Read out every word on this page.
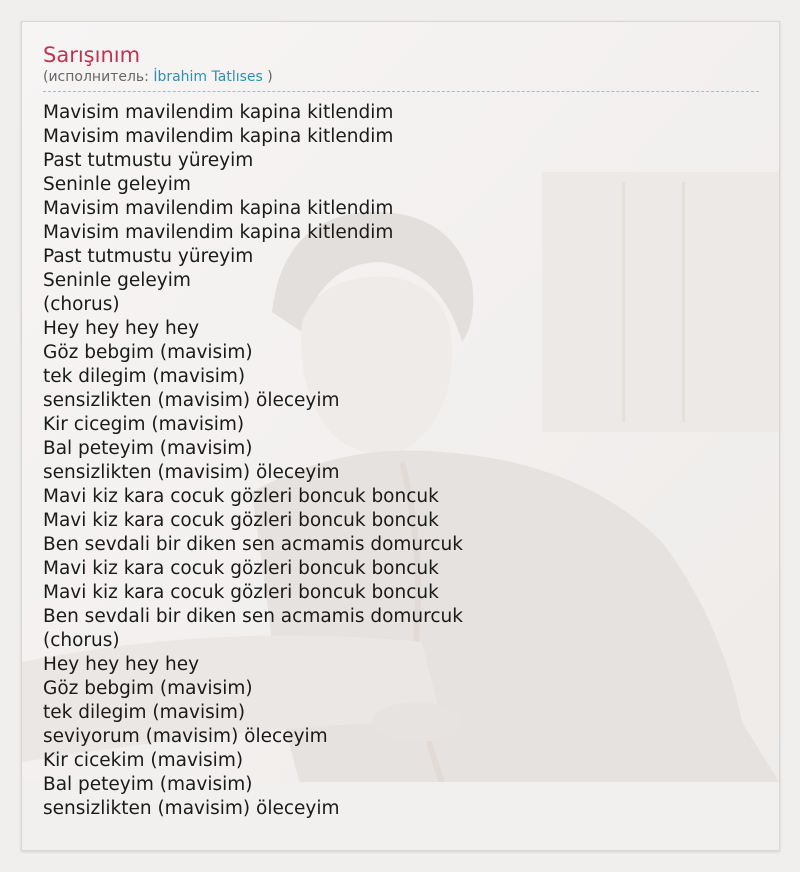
Sarışınım
(исполнитель: İbrahim Tatlıses )
Mavisim mavilendim kapina kitlendim
Mavisim mavilendim kapina kitlendim
Past tutmustu yüreyim
Seninle geleyim
Mavisim mavilendim kapina kitlendim
Mavisim mavilendim kapina kitlendim
Past tutmustu yüreyim
Seninle geleyim
(chorus)
Hey hey hey hey
Göz bebgim (mavisim)
tek dilegim (mavisim)
sensizlikten (mavisim) öleceyim
Kir cicegim (mavisim)
Bal peteyim (mavisim)
sensizlikten (mavisim) öleceyim
Mavi kiz kara cocuk gözleri boncuk boncuk
Mavi kiz kara cocuk gözleri boncuk boncuk
Ben sevdali bir diken sen acmamis domurcuk
Mavi kiz kara cocuk gözleri boncuk boncuk
Mavi kiz kara cocuk gözleri boncuk boncuk
Ben sevdali bir diken sen acmamis domurcuk
(chorus)
Hey hey hey hey
Göz bebgim (mavisim)
tek dilegim (mavisim)
seviyorum (mavisim) öleceyim
Kir cicekim (mavisim)
Bal peteyim (mavisim)
sensizlikten (mavisim) öleceyim
